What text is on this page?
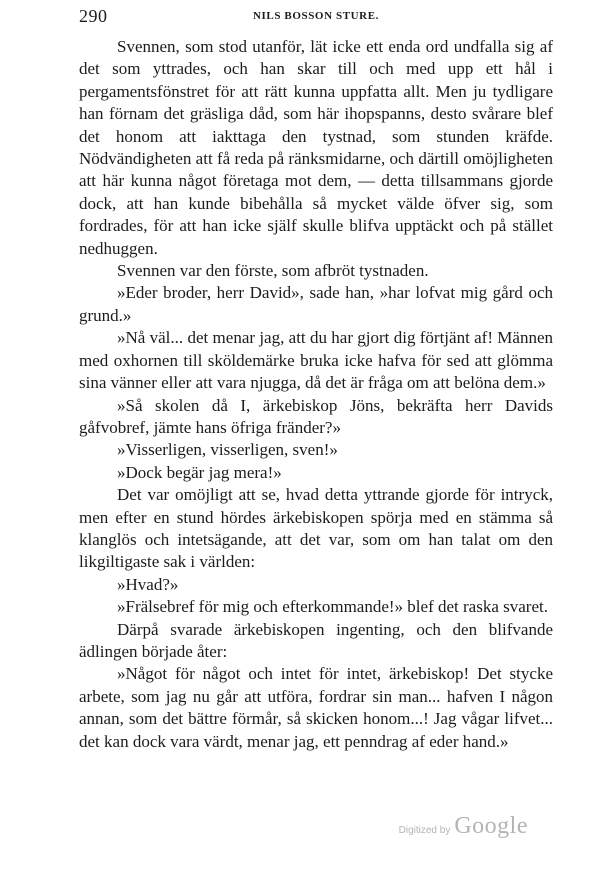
290	NILS BOSSON STURE.

Svennen, som stod utanför, lät icke ett enda ord undfalla sig af det som yttrades, och han skar till och med upp ett hål i pergamentsfönstret för att rätt kunna uppfatta allt. Men ju tydligare han förnam det gräsliga dåd, som här ihopspanns, desto svårare blef det honom att iakttaga den tystnad, som stunden kräfde. Nödvändigheten att få reda på ränksmidarne, och därtill omöjligheten att här kunna något företaga mot dem, — detta tillsammans gjorde dock, att han kunde bibehålla så mycket välde öfver sig, som fordrades, för att han icke själf skulle blifva upptäckt och på stället nedhuggen.

Svennen var den förste, som afbröt tystnaden.

»Eder broder, herr David», sade han, »har lofvat mig gård och grund.»

»Nå väl... det menar jag, att du har gjort dig förtjänt af! Männen med oxhornen till sköldemärke bruka icke hafva för sed att glömma sina vänner eller att vara njugga, då det är fråga om att belöna dem.»

»Så skolen då I, ärkebiskop Jöns, bekräfta herr Davids gåfvobref, jämte hans öfriga fränder?»

»Visserligen, visserligen, sven!»

»Dock begär jag mera!»

Det var omöjligt att se, hvad detta yttrande gjorde för intryck, men efter en stund hördes ärkebiskopen spörja med en stämma så klanglös och intetsägande, att det var, som om han talat om den likgiltigaste sak i världen:

»Hvad?»

»Frälsebref för mig och efterkommande!» blef det raska svaret.

Därpå svarade ärkebiskopen ingenting, och den blifvande ädlingen började åter:

»Något för något och intet för intet, ärkebiskop! Det stycke arbete, som jag nu går att utföra, fordrar sin man... hafven I någon annan, som det bättre förmår, så skicken honom...! Jag vågar lifvet... det kan dock vara värdt, menar jag, ett penndrag af eder hand.»

Digitized by Google
